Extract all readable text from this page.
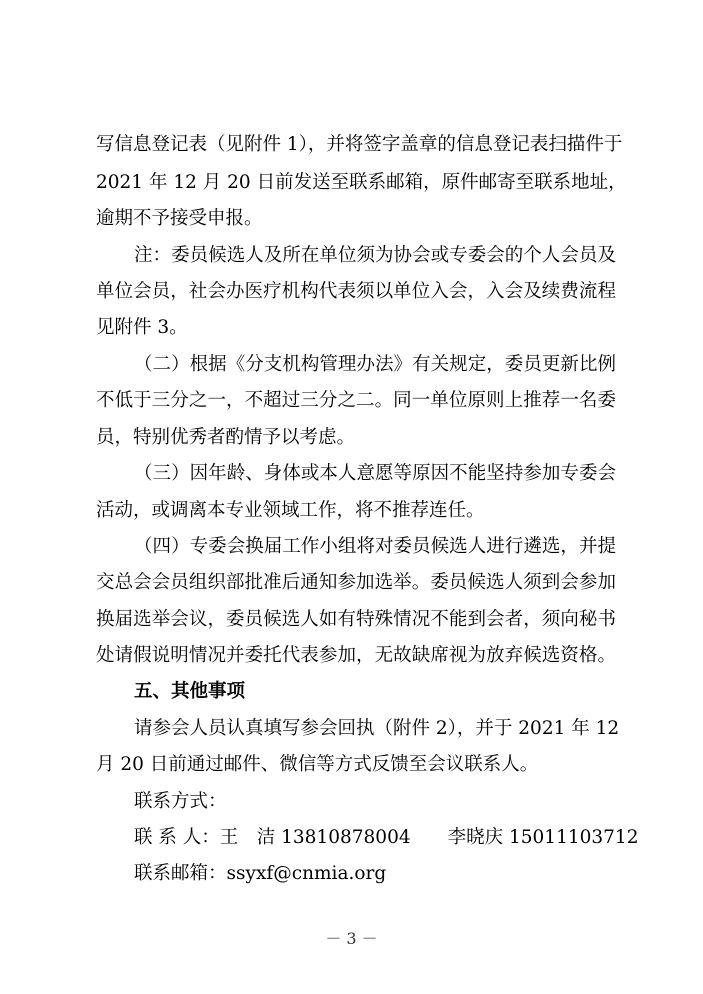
写信息登记表（见附件 1），并将签字盖章的信息登记表扫描件于
2021 年 12 月 20 日前发送至联系邮箱，原件邮寄至联系地址，
逾期不予接受申报。
注：委员候选人及所在单位须为协会或专委会的个人会员及
单位会员，社会办医疗机构代表须以单位入会，入会及续费流程
见附件 3。
（二）根据《分支机构管理办法》有关规定，委员更新比例
不低于三分之一，不超过三分之二。同一单位原则上推荐一名委
员，特别优秀者酌情予以考虑。
（三）因年龄、身体或本人意愿等原因不能坚持参加专委会
活动，或调离本专业领域工作，将不推荐连任。
（四）专委会换届工作小组将对委员候选人进行遴选，并提
交总会会员组织部批准后通知参加选举。委员候选人须到会参加
换届选举会议，委员候选人如有特殊情况不能到会者，须向秘书
处请假说明情况并委托代表参加，无故缺席视为放弃候选资格。
五、其他事项
请参会人员认真填写参会回执（附件 2），并于 2021 年 12
月 20 日前通过邮件、微信等方式反馈至会议联系人。
联系方式：
联 系 人：王　洁 13810878004　　李晓庆 15011103712
联系邮箱：ssyxf@cnmia.org
－ 3 －
